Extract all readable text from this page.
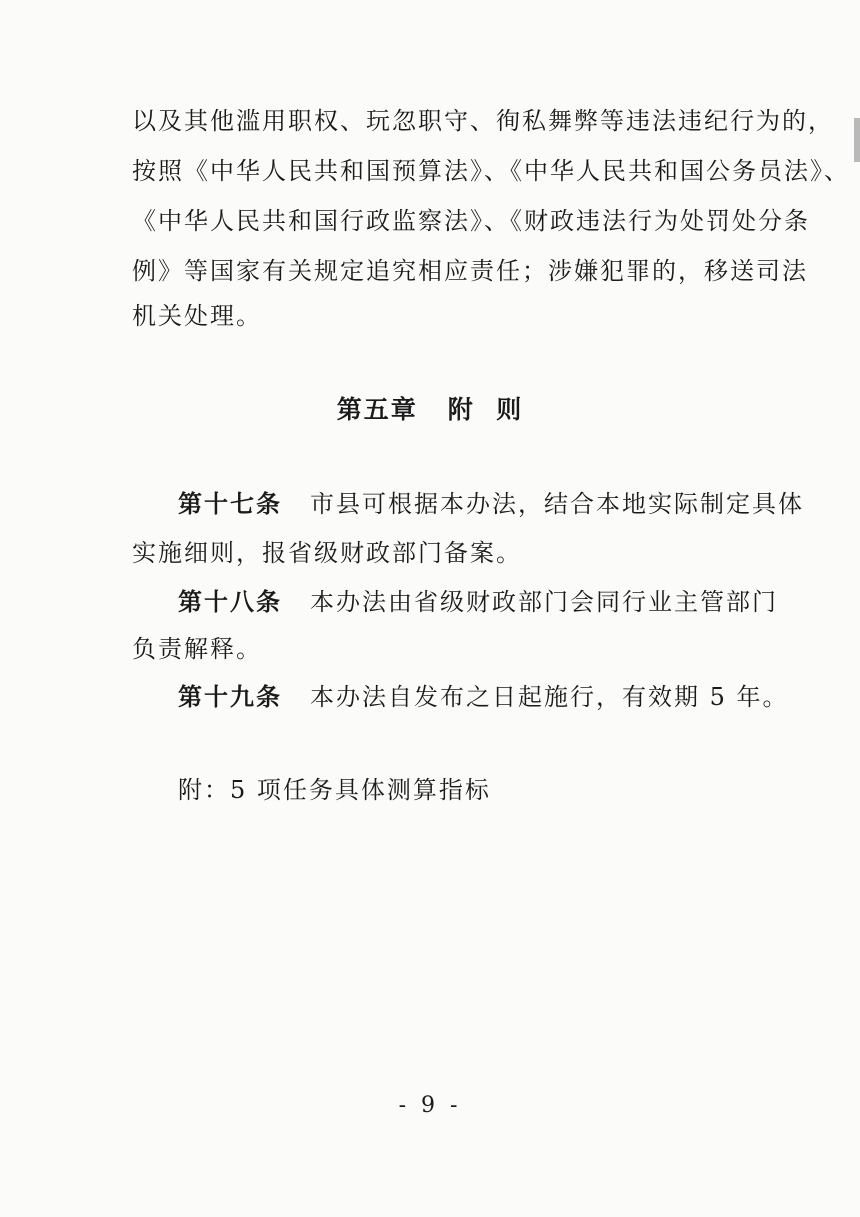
以及其他滥用职权、玩忽职守、徇私舞弊等违法违纪行为的，
按照《中华人民共和国预算法》、《中华人民共和国公务员法》、
《中华人民共和国行政监察法》、《财政违法行为处罚处分条
例》等国家有关规定追究相应责任；涉嫌犯罪的，移送司法
机关处理。
第五章 附  则
第十七条 市县可根据本办法，结合本地实际制定具体
实施细则，报省级财政部门备案。
第十八条 本办法由省级财政部门会同行业主管部门
负责解释。
第十九条 本办法自发布之日起施行，有效期 5 年。
附：5 项任务具体测算指标
- 9 -
